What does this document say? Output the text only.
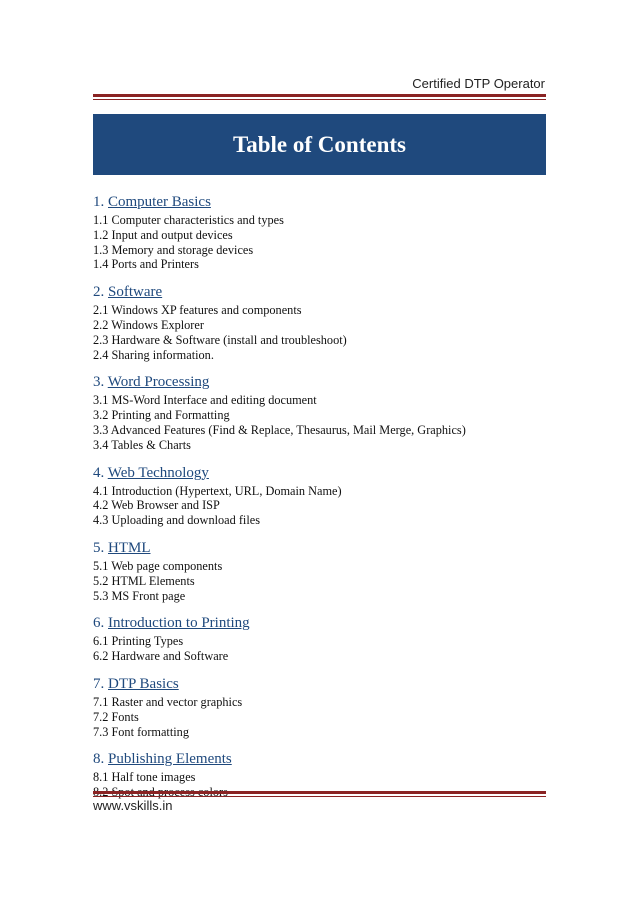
Certified DTP Operator
Table of Contents
1. Computer Basics
1.1 Computer characteristics and types
1.2 Input and output devices
1.3 Memory and storage devices
1.4 Ports and Printers
2. Software
2.1 Windows XP features and components
2.2 Windows Explorer
2.3 Hardware & Software (install and troubleshoot)
2.4 Sharing information.
3. Word Processing
3.1 MS-Word Interface and editing document
3.2 Printing and Formatting
3.3 Advanced Features (Find & Replace, Thesaurus, Mail Merge, Graphics)
3.4 Tables & Charts
4. Web Technology
4.1 Introduction (Hypertext, URL, Domain Name)
4.2 Web Browser and ISP
4.3 Uploading and download files
5. HTML
5.1 Web page components
5.2 HTML Elements
5.3 MS Front page
6. Introduction to Printing
6.1 Printing Types
6.2 Hardware and Software
7. DTP Basics
7.1 Raster and vector graphics
7.2 Fonts
7.3 Font formatting
8. Publishing Elements
8.1 Half tone images
www.vskills.in
